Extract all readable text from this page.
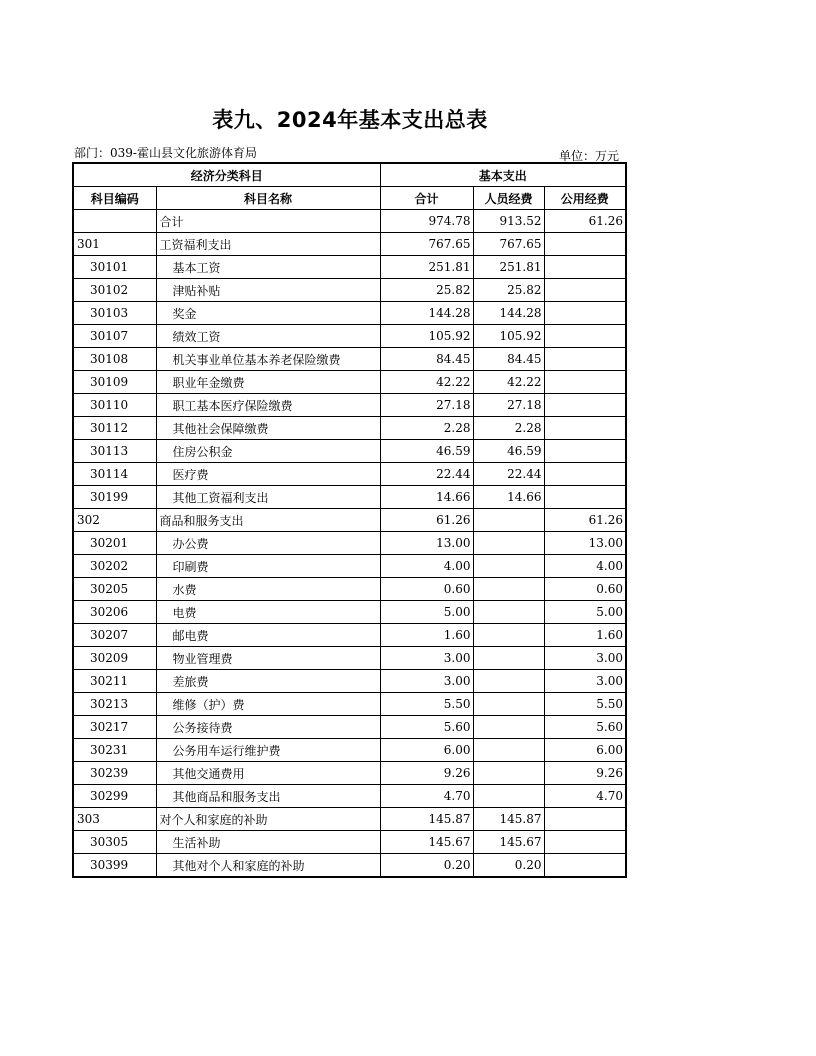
表九、2024年基本支出总表
部门：039-霍山县文化旅游体育局	单位：万元
经济分类科目		基本支出		
科目编码	科目名称	合计	人员经费	公用经费
	合计	974.78	913.52	61.26
301	工资福利支出	767.65	767.65	
30101	基本工资	251.81	251.81	
30102	津贴补贴	25.82	25.82	
30103	奖金	144.28	144.28	
30107	绩效工资	105.92	105.92	
30108	机关事业单位基本养老保险缴费	84.45	84.45	
30109	职业年金缴费	42.22	42.22	
30110	职工基本医疗保险缴费	27.18	27.18	
30112	其他社会保障缴费	2.28	2.28	
30113	住房公积金	46.59	46.59	
30114	医疗费	22.44	22.44	
30199	其他工资福利支出	14.66	14.66	
302	商品和服务支出	61.26		61.26
30201	办公费	13.00		13.00
30202	印刷费	4.00		4.00
30205	水费	0.60		0.60
30206	电费	5.00		5.00
30207	邮电费	1.60		1.60
30209	物业管理费	3.00		3.00
30211	差旅费	3.00		3.00
30213	维修（护）费	5.50		5.50
30217	公务接待费	5.60		5.60
30231	公务用车运行维护费	6.00		6.00
30239	其他交通费用	9.26		9.26
30299	其他商品和服务支出	4.70		4.70
303	对个人和家庭的补助	145.87	145.87	
30305	生活补助	145.67	145.67	
30399	其他对个人和家庭的补助	0.20	0.20	
